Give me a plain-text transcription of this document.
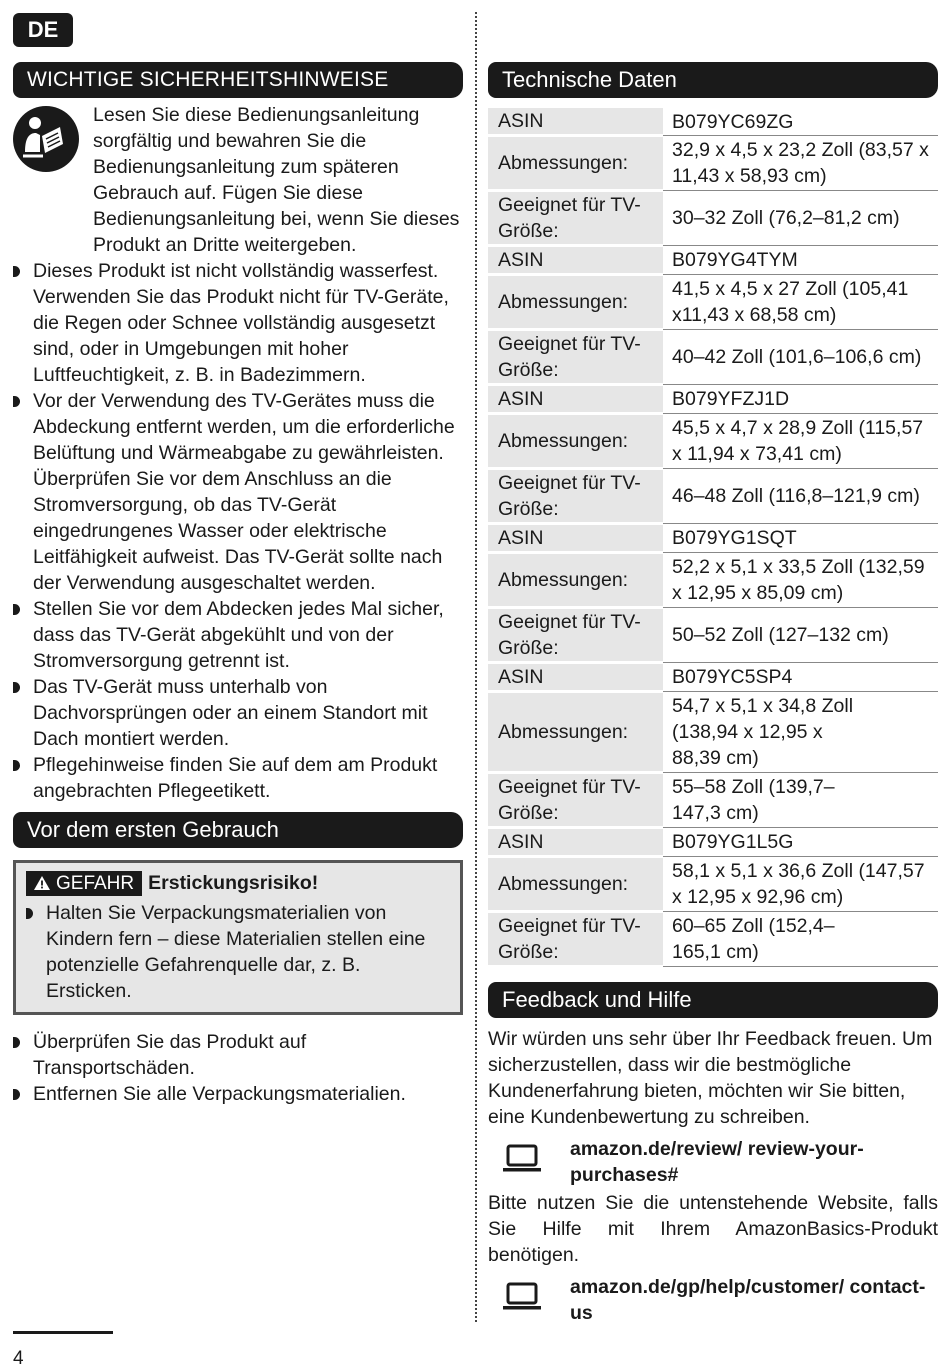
DE
WICHTIGE SICHERHEITSHINWEISE
Lesen Sie diese Bedienungsanleitung sorgfältig und bewahren Sie die Bedienungsanleitung zum späteren Gebrauch auf. Fügen Sie diese Bedienungsanleitung bei, wenn Sie dieses Produkt an Dritte weitergeben.
Dieses Produkt ist nicht vollständig wasserfest. Verwenden Sie das Produkt nicht für TV-Geräte, die Regen oder Schnee vollständig ausgesetzt sind, oder in Umgebungen mit hoher Luftfeuchtigkeit, z. B. in Badezimmern.
Vor der Verwendung des TV-Gerätes muss die Abdeckung entfernt werden, um die erforderliche Belüftung und Wärmeabgabe zu gewährleisten. Überprüfen Sie vor dem Anschluss an die Stromversorgung, ob das TV-Gerät eingedrungenes Wasser oder elektrische Leitfähigkeit aufweist. Das TV-Gerät sollte nach der Verwendung ausgeschaltet werden.
Stellen Sie vor dem Abdecken jedes Mal sicher, dass das TV-Gerät abgekühlt und von der Stromversorgung getrennt ist.
Das TV-Gerät muss unterhalb von Dachvorsprüngen oder an einem Standort mit Dach montiert werden.
Pflegehinweise finden Sie auf dem am Produkt angebrachten Pflegeetikett.
Vor dem ersten Gebrauch
GEFAHR Erstickungsrisiko!
Halten Sie Verpackungsmaterialien von Kindern fern – diese Materialien stellen eine potenzielle Gefahrenquelle dar, z. B. Ersticken.
Überprüfen Sie das Produkt auf Transportschäden.
Entfernen Sie alle Verpackungsmaterialien.
Technische Daten
ASIN	B079YC69ZG
Abmessungen:	32,9 x 4,5 x 23,2 Zoll (83,57 x 11,43 x 58,93 cm)
Geeignet für TV-Größe:	30–32 Zoll (76,2–81,2 cm)
ASIN	B079YG4TYM
Abmessungen:	41,5 x 4,5 x 27 Zoll (105,41 x11,43 x 68,58 cm)
Geeignet für TV-Größe:	40–42 Zoll (101,6–106,6 cm)
ASIN	B079YFZJ1D
Abmessungen:	45,5 x 4,7 x 28,9 Zoll (115,57 x 11,94 x 73,41 cm)
Geeignet für TV-Größe:	46–48 Zoll (116,8–121,9 cm)
ASIN	B079YG1SQT
Abmessungen:	52,2 x 5,1 x 33,5 Zoll (132,59 x 12,95 x 85,09 cm)
Geeignet für TV-Größe:	50–52 Zoll (127–132 cm)
ASIN	B079YC5SP4
Abmessungen:	54,7 x 5,1 x 34,8 Zoll (138,94 x 12,95 x 88,39 cm)
Geeignet für TV-Größe:	55–58 Zoll (139,7–147,3 cm)
ASIN	B079YG1L5G
Abmessungen:	58,1 x 5,1 x 36,6 Zoll (147,57 x 12,95 x 92,96 cm)
Geeignet für TV-Größe:	60–65 Zoll (152,4–165,1 cm)
Feedback und Hilfe
Wir würden uns sehr über Ihr Feedback freuen. Um sicherzustellen, dass wir die bestmögliche Kundenerfahrung bieten, möchten wir Sie bitten, eine Kundenbewertung zu schreiben.
amazon.de/review/ review-your-purchases#
Bitte nutzen Sie die untenstehende Website, falls Sie Hilfe mit Ihrem AmazonBasics-Produkt benötigen.
amazon.de/gp/help/customer/ contact-us
4
